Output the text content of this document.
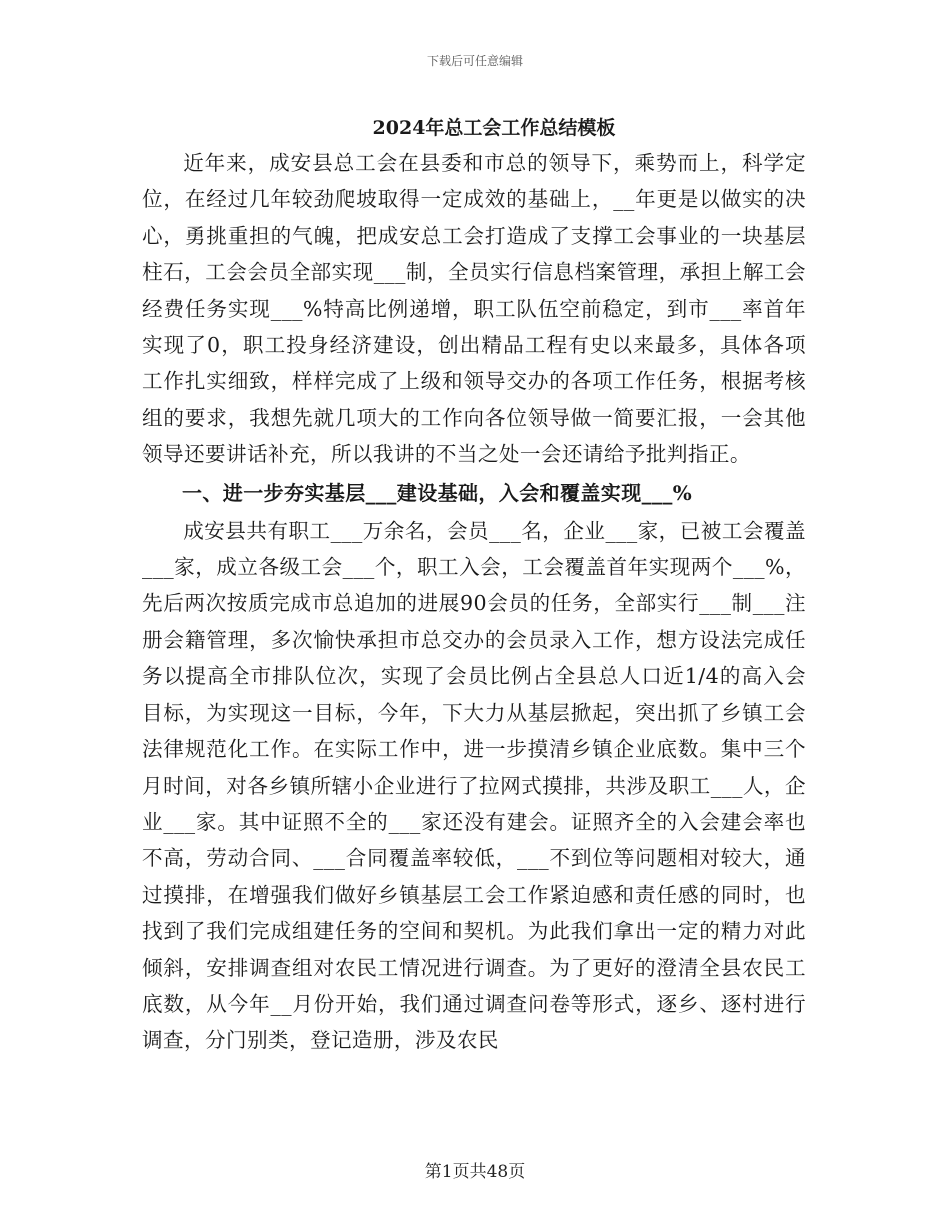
下载后可任意编辑
2024年总工会工作总结模板

近年来，成安县总工会在县委和市总的领导下，乘势而上，科学定位，在经过几年较劲爬坡取得一定成效的基础上，__年更是以做实的决心，勇挑重担的气魄，把成安总工会打造成了支撑工会事业的一块基层柱石，工会会员全部实现___制，全员实行信息档案管理，承担上解工会经费任务实现___%特高比例递增，职工队伍空前稳定，到市___率首年实现了0，职工投身经济建设，创出精品工程有史以来最多，具体各项工作扎实细致，样样完成了上级和领导交办的各项工作任务，根据考核组的要求，我想先就几项大的工作向各位领导做一简要汇报，一会其他领导还要讲话补充，所以我讲的不当之处一会还请给予批判指正。

一、进一步夯实基层___建设基础，入会和覆盖实现___%

成安县共有职工___万余名，会员___名，企业___家，已被工会覆盖___家，成立各级工会___个，职工入会，工会覆盖首年实现两个___%，先后两次按质完成市总追加的进展90会员的任务，全部实行___制___注册会籍管理，多次愉快承担市总交办的会员录入工作，想方设法完成任务以提高全市排队位次，实现了会员比例占全县总人口近1/4的高入会目标，为实现这一目标，今年，下大力从基层掀起，突出抓了乡镇工会法律规范化工作。在实际工作中，进一步摸清乡镇企业底数。集中三个月时间，对各乡镇所辖小企业进行了拉网式摸排，共涉及职工___人，企业___家。其中证照不全的___家还没有建会。证照齐全的入会建会率也不高，劳动合同、___合同覆盖率较低，___不到位等问题相对较大，通过摸排，在增强我们做好乡镇基层工会工作紧迫感和责任感的同时，也找到了我们完成组建任务的空间和契机。为此我们拿出一定的精力对此倾斜，安排调查组对农民工情况进行调查。为了更好的澄清全县农民工底数，从今年__月份开始，我们通过调查问卷等形式，逐乡、逐村进行调查，分门别类，登记造册，涉及农民

第1页共48页
